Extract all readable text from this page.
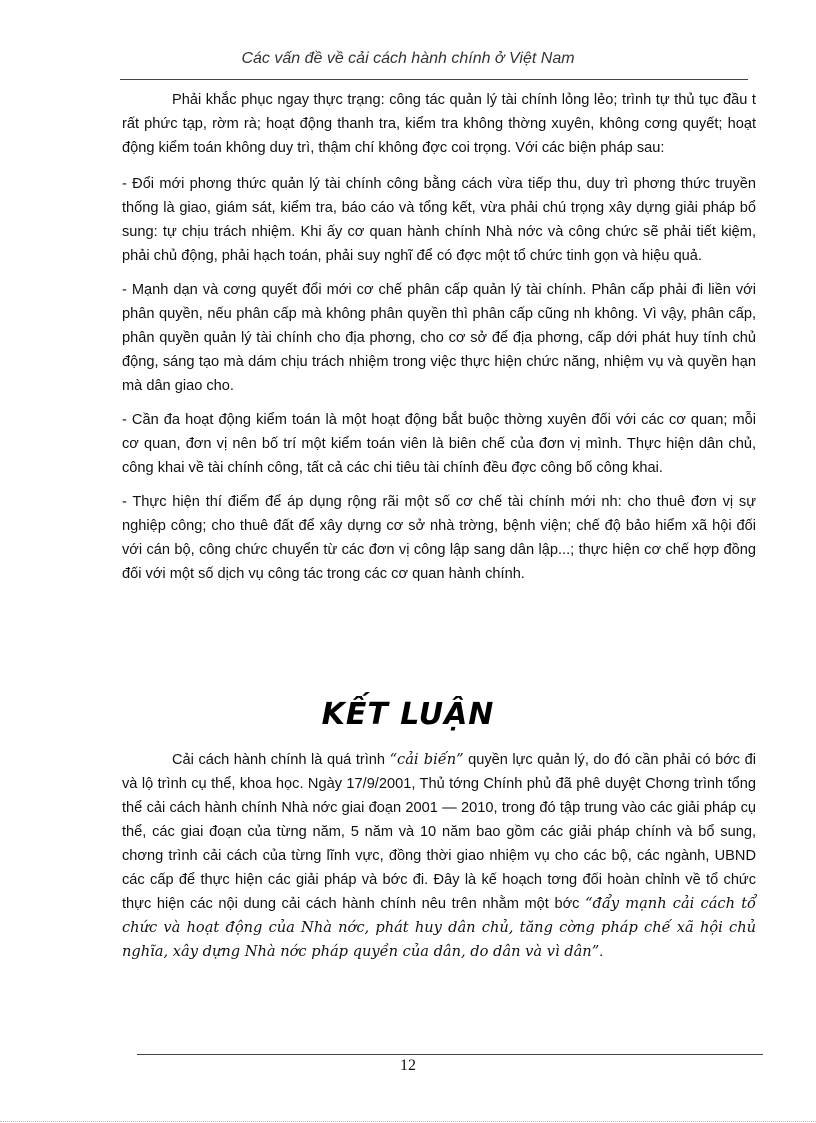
Các vấn đề về cải cách hành chính ở Việt Nam

Phải khắc phục ngay thực trạng: công tác quản lý tài chính lỏng lẻo; trình tự thủ tục đầu t rất phức tạp, rờm rà; hoạt động thanh tra, kiểm tra không thờng xuyên, không cơng quyết; hoạt động kiểm toán không duy trì, thậm chí không đợc coi trọng. Với các biện pháp sau:

- Đổi mới phơng thức quản lý tài chính công bằng cách vừa tiếp thu, duy trì phơng thức truyền thống là giao, giám sát, kiểm tra, báo cáo và tổng kết, vừa phải chú trọng xây dựng giải pháp bổ sung: tự chịu trách nhiệm. Khi ấy cơ quan hành chính Nhà nớc và công chức sẽ phải tiết kiệm, phải chủ động, phải hạch toán, phải suy nghĩ để có đợc một tổ chức tinh gọn và hiệu quả.

- Mạnh dạn và cơng quyết đổi mới cơ chế phân cấp quản lý tài chính. Phân cấp phải đi liền với phân quyền, nếu phân cấp mà không phân quyền thì phân cấp cũng nh không. Vì vậy, phân cấp, phân quyền quản lý tài chính cho địa phơng, cho cơ sở để địa phơng, cấp dới phát huy tính chủ động, sáng tạo mà dám chịu trách nhiệm trong việc thực hiện chức năng, nhiệm vụ và quyền hạn mà dân giao cho.

- Cần đa hoạt động kiểm toán là một hoạt động bắt buộc thờng xuyên đối với các cơ quan; mỗi cơ quan, đơn vị nên bố trí một kiểm toán viên là biên chế của đơn vị mình. Thực hiện dân chủ, công khai về tài chính công, tất cả các chi tiêu tài chính đều đợc công bố công khai.

- Thực hiện thí điểm để áp dụng rộng rãi một số cơ chế tài chính mới nh: cho thuê đơn vị sự nghiệp công; cho thuê đất để xây dựng cơ sở nhà trờng, bệnh viện; chế độ bảo hiểm xã hội đối với cán bộ, công chức chuyển từ các đơn vị công lập sang dân lập...; thực hiện cơ chế hợp đồng đối với một số dịch vụ công tác trong các cơ quan hành chính.

KẾT LUẬN

Cải cách hành chính là quá trình “cải biến” quyền lực quản lý, do đó cần phải có bớc đi và lộ trình cụ thể, khoa học. Ngày 17/9/2001, Thủ tớng Chính phủ đã phê duyệt Chơng trình tổng thể cải cách hành chính Nhà nớc giai đoạn 2001 — 2010, trong đó tập trung vào các giải pháp cụ thể, các giai đoạn của từng năm, 5 năm và 10 năm bao gồm các giải pháp chính và bổ sung, chơng trình cải cách của từng lĩnh vực, đồng thời giao nhiệm vụ cho các bộ, các ngành, UBND các cấp để thực hiện các giải pháp và bớc đi. Đây là kế hoạch tơng đối hoàn chỉnh về tổ chức thực hiện các nội dung cải cách hành chính nêu trên nhằm một bớc “đẩy mạnh cải cách tổ chức và hoạt động của Nhà nớc, phát huy dân chủ, tăng cờng pháp chế xã hội chủ nghĩa, xây dựng Nhà nớc pháp quyền của dân, do dân và vì dân”.

12
